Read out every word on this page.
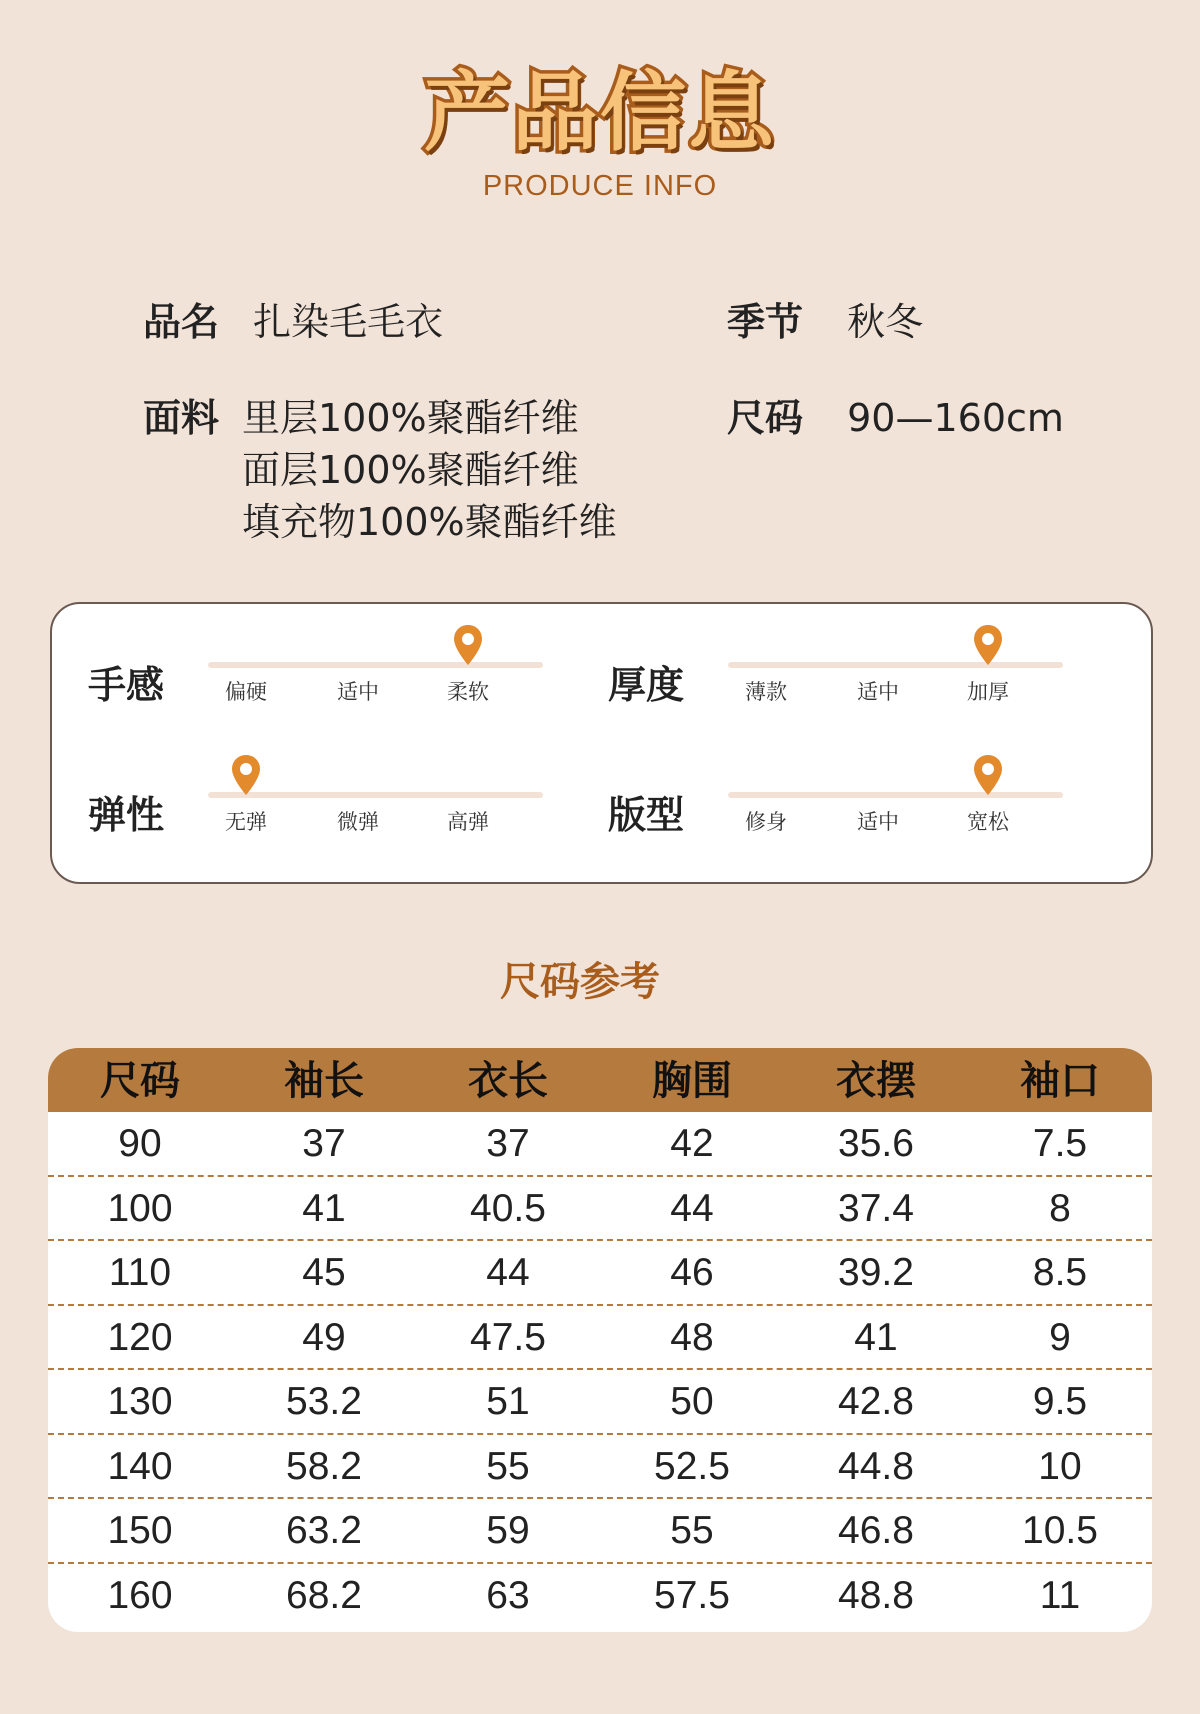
产品信息
PRODUCE INFO
品名 扎染毛毛衣	季节 秋冬
面料 里层100%聚酯纤维
面层100%聚酯纤维
填充物100%聚酯纤维
尺码 90—160cm
手感	偏硬	适中	柔软	厚度	薄款	适中	加厚
弹性	无弹	微弹	高弹	版型	修身	适中	宽松
尺码参考
尺码	袖长	衣长	胸围	衣摆	袖口
90	37	37	42	35.6	7.5
100	41	40.5	44	37.4	8
110	45	44	46	39.2	8.5
120	49	47.5	48	41	9
130	53.2	51	50	42.8	9.5
140	58.2	55	52.5	44.8	10
150	63.2	59	55	46.8	10.5
160	68.2	63	57.5	48.8	11
